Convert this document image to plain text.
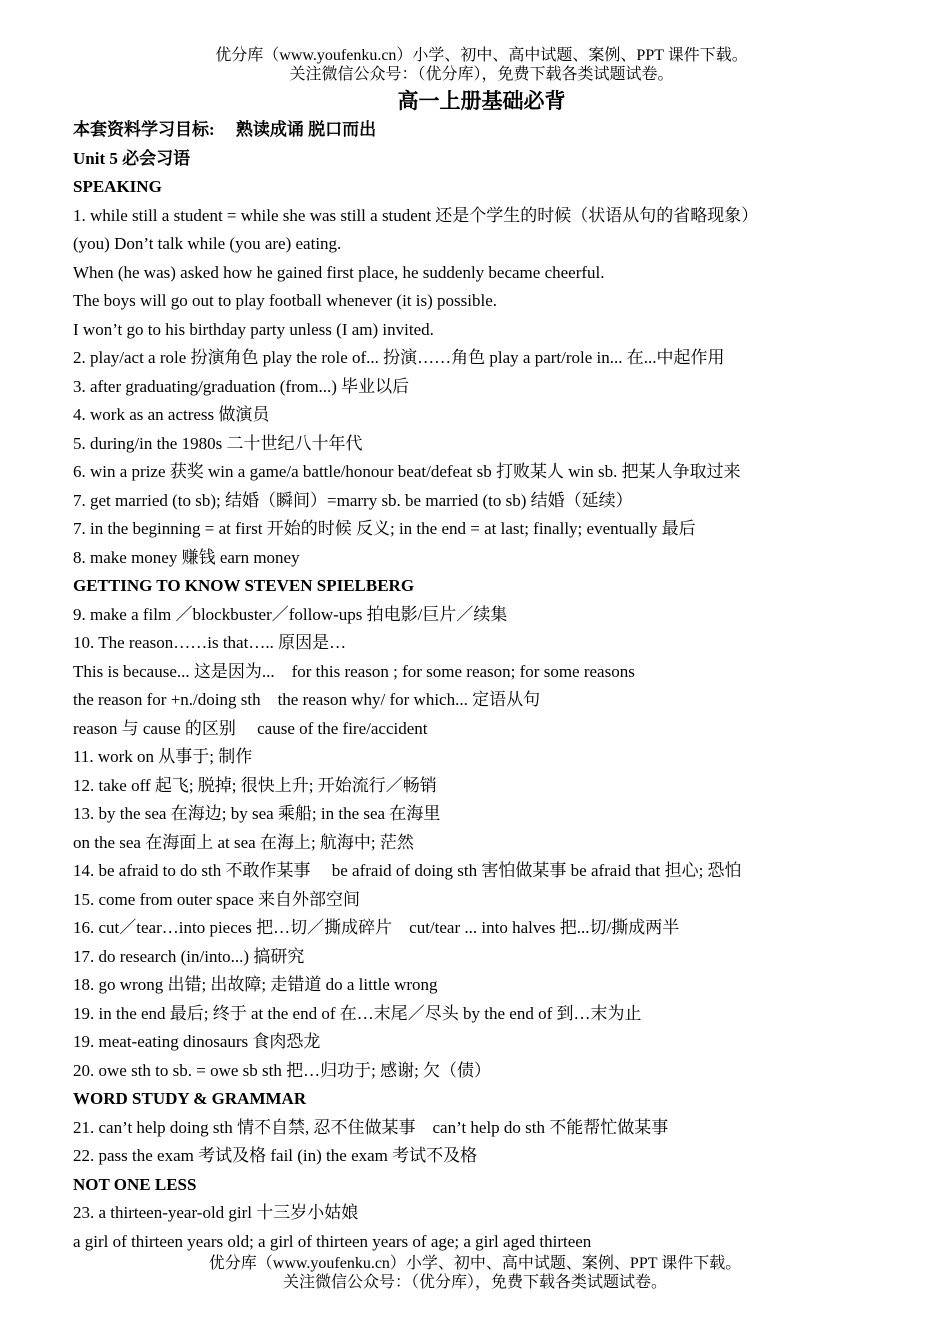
优分库（www.youfenku.cn）小学、初中、高中试题、案例、PPT 课件下载。
关注微信公众号：（优分库），免费下载各类试题试卷。
高一上册基础必背
本套资料学习目标:　 熟读成诵 脱口而出
Unit 5 必会习语
SPEAKING
1. while still a student = while she was still a student 还是个学生的时候（状语从句的省略现象）
(you) Don’t talk while (you are) eating.
When (he was) asked how he gained first place, he suddenly became cheerful.
The boys will go out to play football whenever (it is) possible.
I won’t go to his birthday party unless (I am) invited.
2. play/act a role 扮演角色 play the role of... 扮演……角色 play a part/role in... 在...中起作用
3. after graduating/graduation (from...) 毕业以后
4. work as an actress 做演员
5. during/in the 1980s 二十世纪八十年代
6. win a prize 获奖 win a game/a battle/honour beat/defeat sb 打败某人 win sb. 把某人争取过来
7. get married (to sb); 结婚（瞬间）=marry sb. be married (to sb) 结婚（延续）
7. in the beginning = at first 开始的时候 反义; in the end = at last; finally; eventually 最后
8. make money 赚钱 earn money
GETTING TO KNOW STEVEN SPIELBERG
9. make a film ／blockbuster／follow-ups 拍电影/巨片／续集
10. The reason……is that….. 原因是…
This is because... 这是因为...　for this reason ; for some reason; for some reasons
the reason for +n./doing sth　the reason why/ for which... 定语从句
reason 与 cause 的区别　 cause of the fire/accident
11. work on 从事于; 制作
12. take off 起飞; 脱掉; 很快上升; 开始流行／畅销
13. by the sea 在海边; by sea 乘船; in the sea 在海里
on the sea 在海面上 at sea 在海上; 航海中; 茫然
14. be afraid to do sth 不敢作某事　 be afraid of doing sth 害怕做某事 be afraid that 担心; 恐怕
15. come from outer space 来自外部空间
16. cut／tear…into pieces 把…切／撕成碎片　cut/tear ... into halves 把...切/撕成两半
17. do research (in/into...) 搞研究
18. go wrong 出错; 出故障; 走错道 do a little wrong
19. in the end 最后; 终于 at the end of 在…末尾／尽头 by the end of 到…末为止
19. meat-eating dinosaurs 食肉恐龙
20. owe sth to sb. = owe sb sth 把…归功于; 感谢; 欠（债）
WORD STUDY & GRAMMAR
21. can’t help doing sth 情不自禁, 忍不住做某事　can’t help do sth 不能帮忙做某事
22. pass the exam 考试及格 fail (in) the exam 考试不及格
NOT ONE LESS
23. a thirteen-year-old girl 十三岁小姑娘
a girl of thirteen years old; a girl of thirteen years of age; a girl aged thirteen
优分库（www.youfenku.cn）小学、初中、高中试题、案例、PPT 课件下载。
关注微信公众号：（优分库），免费下载各类试题试卷。
